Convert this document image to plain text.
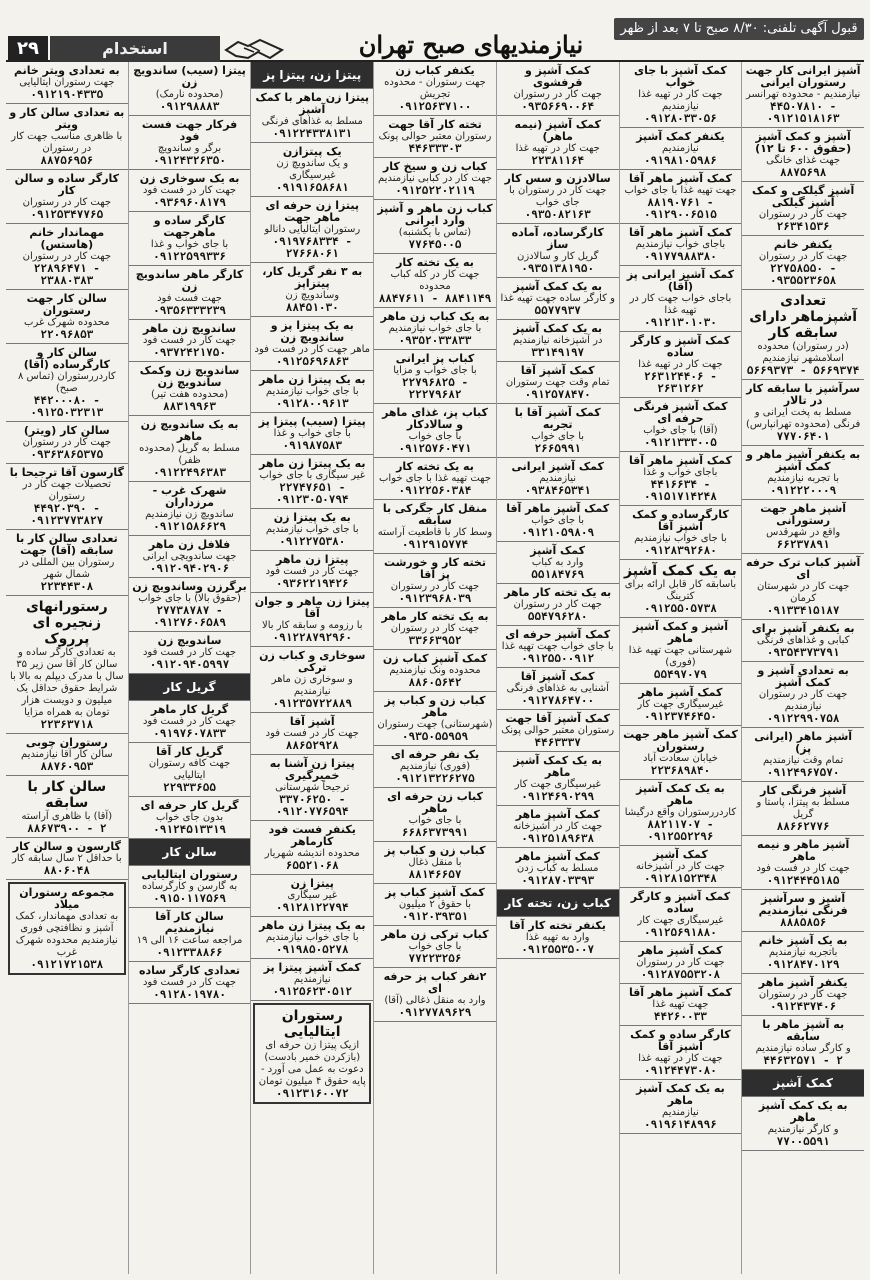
۲۹	استخدام	نیازمندیهای صبح تهران
قبول آگهی تلفنی: ۸/۳۰ صبح تا ۷ بعد از ظهر
آشپز ایرانی کار جهت رستوران ایرانی
نیازمندیم - محدوده تهرانسر
۴۴۵۰۷۸۱۰ - ۰۹۱۲۱۵۱۸۱۶۳
آشپز و کمک آشپز (حقوق ۶۰۰ تا ۱۲)
جهت غذای خانگی
۸۸۷۵۶۹۸
آشپز گیلکی و کمک آشپز گیلکی
جهت کار در رستوران
۲۶۳۴۱۵۳۶
یکنفر خانم
جهت کار در رستوران
۲۲۷۵۸۵۵۰ - ۰۹۳۵۵۲۳۶۵۸
تعدادی آشپزماهر دارای سابقه کار
(در رستوران) محدوده اسلامشهر نیازمندیم
۵۶۶۹۳۷۳ - ۵۶۶۹۳۷۴
سرآشپز با سابقه کار در تالار
مسلط به پخت ایرانی و فرنگی (محدوده تهرانپارس)
۷۷۷۰۶۴۰۱
به یکنفر آشپز ماهر و کمک آشپز
با تجربه نیازمندیم
۰۹۱۲۲۲۰۰۰۹
آشپز ماهر جهت رستورانی
واقع در شهرقدس
۶۶۲۳۷۸۹۱
آشپز کباب ترک حرفه ای
جهت کار در شهرستان کرمان
۰۹۱۳۳۴۱۵۱۸۷
به یکنفر آشپز برای
کبابی و غذاهای فرنگی
۰۹۳۵۴۳۷۳۷۹۱
به تعدادی آشپز و کمک آشپز
جهت کار در رستوران نیازمندیم
۰۹۱۲۲۹۹۰۷۵۸
آشپز ماهر (ایرانی پز)
تمام وقت نیازمندیم
۰۹۱۲۴۹۶۷۵۷۰
آشپز فرنگی کار
مسلط به پیتزا، پاستا و گریل
۸۸۶۶۲۷۷۶
آشپز ماهر و نیمه ماهر
جهت کار در فست فود
۰۹۱۲۴۴۴۵۱۸۵
آشپز و سرآشپز فرنگی نیازمندیم
۸۸۸۵۸۵۶
به یک آشپز خانم
باتجربه نیازمندیم
۰۹۱۲۸۴۷۰۱۲۹
یکنفر آشپز ماهر
جهت کار در رستوران
۰۹۱۲۴۳۷۴۰۶
به آشپز ماهر با سابقه
و کارگر ساده نیازمندیم
۴۴۶۳۲۵۷۱ - ۲
کمک آشپز
به یک کمک آشپز ماهر
و کارگر نیازمندیم
۷۷۰۰۵۵۹۱
کمک آشپز با جای خواب
جهت کار در تهیه غذا نیازمندیم
۰۹۱۲۸۰۳۳۰۵۶
یکنفر کمک آشپز
نیازمندیم
۰۹۱۹۸۱۰۵۹۸۶
کمک آشپز ماهر آقا
جهت تهیه غذا با جای خواب
۸۸۱۹۰۷۶۱ - ۰۹۱۲۹۰۰۶۵۱۵
کمک آشپز ماهر آقا
باجای خواب نیازمندیم
۰۹۱۷۷۹۸۸۳۸۰
کمک آشپز ایرانی پز (آقا)
باجای خواب جهت کار در تهیه غذا
۰۹۱۲۱۳۰۱۰۳۰
کمک آشپز و کارگر ساده
جهت کار در تهیه غذا
۲۶۳۱۲۴۴۰۶ - ۲۶۳۱۲۶۲
کمک آشپز فرنگی حرفه ای
(آقا) با جای خواب
۰۹۱۲۱۳۳۳۰۰۵
کمک آشپز ماهر آقا
باجای خواب و غذا
۴۴۱۶۶۳۴ - ۰۹۱۵۱۷۱۴۲۴۸
کارگرساده و کمک آشپز آقا
با جای خواب نیازمندیم
۰۹۱۲۸۳۹۲۶۸۰
به یک کمک آشپز
باسابقه کار قابل ارائه برای کترینگ
۰۹۱۲۵۵۰۵۷۳۸
آشپز و کمک آشپز ماهر
شهرستانی جهت تهیه غذا (فوری)
۵۵۴۹۷۰۷۹
کمک آشپز ماهر
غیرسیگاری جهت کار
۰۹۱۲۳۷۴۶۴۵۰
کمک آشپز ماهر جهت رستوران
خیابان سعادت آباد
۲۲۳۶۸۹۸۴۰
به یک کمک آشپز ماهر
کاردررستوران واقع درگیشا
۸۸۲۱۱۷۰۷ - ۰۹۱۲۵۵۲۲۹۶
کمک آشپز
جهت کار در آشپزخانه
۰۹۱۲۸۱۵۲۳۴۸
کمک آشپز و کارگر ساده
غیرسیگاری جهت کار
۰۹۱۲۵۶۹۱۸۸۰
کمک آشپز ماهر
جهت کار در رستوران
۰۹۱۲۸۷۵۵۳۲۰۸
کمک آشپز ماهر آقا
جهت تهیه غذا
۴۴۲۶۰۰۳۳
کارگر ساده و کمک آشپز آقا
جهت کار در تهیه غذا
۰۹۱۲۴۴۷۳۰۸۰
به یک کمک آشپز ماهر
نیازمندیم
۰۹۱۹۶۱۴۸۹۹۶
کمک آشپز و قرفشوی
جهت کار در رستوران
۰۹۳۵۶۶۹۰۰۶۴
کمک آشپز (نیمه ماهر)
جهت کار در تهیه غذا
۲۲۳۸۱۱۶۴
سالادزن و سس کار
جهت کار در رستوران با جای خواب
۰۹۳۵۰۸۲۱۶۳
کارگرساده، آماده ساز
گریل کار و سالادزن
۰۹۳۵۱۳۸۱۹۵۰
به یک کمک آشپز
و کارگر ساده جهت تهیه غذا
۵۵۷۷۹۳۷
به یک کمک آشپز
در آشپزخانه نیازمندیم
۳۳۱۴۹۱۹۷
کمک آشپز آقا
تمام وقت جهت رستوران
۰۹۱۲۵۷۸۴۷۰
کمک آشپز آقا با تجربه
با جای خواب
۲۶۶۵۹۹۱
کمک آشپز ایرانی
نیازمندیم
۰۹۳۸۴۶۵۳۴۱
کمک آشپز ماهر آقا
با جای خواب
۰۹۱۲۱۰۵۹۸۰۹
کمک آشپز
وارد به کباب
۵۵۱۸۴۷۶۹
به یک تخته کار ماهر
جهت کار در رستوران
۵۵۴۷۹۶۲۸۰
کمک آشپز حرفه ای
با جای خواب جهت تهیه غذا
۰۹۱۲۵۵۰۰۹۱۲
کمک آشپز آقا
آشنایی به غذاهای فرنگی
۰۹۱۲۷۸۶۴۷۰۰
کمک آشپز آقا جهت
رستوران معتبر حوالی پونک
۴۴۶۳۳۳۷
به یک کمک آشپز ماهر
غیرسیگاری جهت کار
۰۹۱۲۴۶۹۰۲۹۹
کمک آشپز ماهر
جهت کار در آشپزخانه
۰۹۱۲۵۱۸۹۶۳۸
کمک آشپز ماهر
مسلط به کباب زدن
۰۹۱۲۸۷۰۳۳۹۳
کباب زن، تخته کار
یکنفر تخته کار آقا
وارد به تهیه غذا
۰۹۱۲۵۵۳۵۰۰۷
یکنفر کباب زن
جهت رستوران - محدوده تجریش
۰۹۱۲۵۶۳۷۱۰۰
تخته کار آقا جهت
رستوران معتبر حوالی پونک
۴۴۶۳۳۳۰۳
کباب زن و سیخ کار
جهت کار در کبابی نیازمندیم
۰۹۱۲۵۲۲۰۲۱۱۹
کباب زن ماهر و آشپز وارد ایرانی
(تماس با یکشنبه)
۷۷۶۴۵۰۰۵
به یک تخته کار
جهت کار در کله کباب محدوده
۸۸۴۷۶۱۱ - ۸۸۴۱۱۴۹
به یک کباب زن ماهر
با جای خواب نیازمندیم
۰۹۳۵۲۰۳۳۸۳۳
کباب پز ایرانی
با جای خواب و مزایا
۲۲۷۹۶۸۲۵ - ۲۲۲۷۹۶۸۲
کباب پز، غذای ماهر و سالادکار
با جای خواب
۰۹۱۲۵۷۶۰۴۷۱
به یک تخته کار
جهت تهیه غذا با جای خواب
۰۹۱۲۲۵۶۰۳۸۴
منقل کار جگرکی با سابقه
وسط کار با قاطعیت آراسته
۰۹۱۲۹۱۵۷۷۴
تخته کار و خورشت پز آقا
جهت کار در رستوران
۰۹۱۲۳۹۶۸۰۳۹
به یک تخته کار ماهر
جهت کار در رستوران
۳۳۶۶۳۹۵۲
کمک آشپز کباب زن
محدوده ونک نیازمندیم
۸۸۶۰۵۶۴۲
کباب زن و کباب پز ماهر
(شهرستانی) جهت رستوران
۰۹۳۵۰۵۵۹۵۹
یک نفر حرفه ای
(فوری) نیازمندیم
۰۹۱۲۱۳۲۲۶۲۷۵
کباب زن حرفه ای ماهر
با جای خواب
۶۶۸۶۳۷۳۹۹۱
کباب زن و کباب پز
با منقل ذغال
۸۸۱۴۶۶۵۷
کمک آشپز کباب پز
با حقوق ۲ میلیون
۰۹۱۲۰۳۹۳۵۱
کباب ترکی زن ماهر
با جای خواب
۷۷۲۲۳۲۵۶
۲نفر کباب پز حرفه ای
وارد به منقل ذغالی (آقا)
۰۹۱۲۷۷۸۹۶۲۹
پیتزا زن، پیتزا پز
پیتزا زن ماهر با کمک آشپز
مسلط به غذاهای فرنگی
۰۹۱۲۲۴۳۳۸۱۳۱
یک پیتزازن
و یک ساندویچ زن غیرسیگاری
۰۹۱۹۱۶۵۸۶۸۱
پیتزا زن حرفه ای ماهر جهت
رستوران ایتالیایی دانالو
۰۹۱۹۷۶۸۳۳۴ - ۲۷۶۶۸۰۶۱
به ۳ نفر گریل کار، پیتزاپز
وساندویچ زن
۸۸۴۵۱۰۳۰
به یک پیتزا پز و ساندویچ زن
ماهر جهت کار در فست فود
۰۹۱۲۵۶۹۶۸۶۳
به یک پیتزا زن ماهر
با جای خواب نیازمندیم
۰۹۱۲۸۰۰۹۶۱۳
پیتزا (سیب) پیتزا پز
با جای خواب و غذا
۰۹۱۹۸۷۵۸۳
به یک پیتزا زن ماهر
غیر سیگاری با جای خواب
۲۲۷۴۷۶۵۱ - ۰۹۱۲۳۰۵۰۷۹۴
به یک پیتزا زن
با جای خواب نیازمندیم
۰۹۱۲۲۷۵۳۸۰
پیتزا زن ماهر
جهت کار در فست فود
۰۹۳۶۲۲۱۹۴۲۶
پیتزا زن ماهر و جوان آقا
با رزومه و سابقه کار بالا
۰۹۱۲۲۸۷۹۲۹۶۰
سوخاری و کباب زن ترکی
و سوخاری زن ماهر نیازمندیم
۰۹۱۲۳۵۷۲۲۸۸۹
آشپز آقا
جهت کار در فست فود
۸۸۶۵۲۹۲۸
پیتزا زن آشنا به خمیرگیری
ترجیحاً شهرستانی
۳۳۷۰۶۲۵۰ - ۰۹۱۲۰۷۷۶۵۹۴
یکنفر فست فود کارماهر
محدوده اندیشه شهریار
۶۵۵۲۱۰۶۸
پیتزا زن
غیر سیگاری
۰۹۱۲۸۱۲۲۷۹۴
به یک پیتزا زن ماهر
با جای خواب نیازمندیم
۰۹۱۹۸۵۰۵۲۷۸
کمک آشپز پیتزا پز
نیازمندیم
۰۹۱۲۵۶۲۳۰۵۱۲
رستوران ایتالیایی
ازیک پیتزا زن حرفه ای (بازکردن خمیر بادست) دعوت به عمل می آورد - پایه حقوق ۴ میلیون تومان
۰۹۱۲۳۱۶۰۰۷۲
پیتزا (سیب) ساندویچ زن
(محدوده نارمک)
۰۹۱۲۹۸۸۸۳
فرکار جهت فست فود
برگر و ساندویچ
۰۹۱۲۴۳۲۶۳۵۰
به یک سوخاری زن
جهت کار در فست فود
۰۹۳۶۹۶۰۸۱۷۹
کارگر ساده و ماهرجهت
با جای خواب و غذا
۰۹۱۲۲۵۹۹۳۳۶
کارگر ماهر ساندویچ زن
جهت فست فود
۰۹۳۵۶۳۳۳۲۳۹
ساندویچ زن ماهر
جهت کار در فست فود
۰۹۳۷۲۴۲۱۷۵۰
ساندویچ زن وکمک ساندویچ زن
(محدوده هفت تیر)
۸۸۳۱۹۹۶۳
به یک ساندویچ زن ماهر
مسلط به گریل (محدوده ظفر)
۰۹۱۲۲۴۹۶۳۸۳
شهرک غرب - مرزداران
ساندویچ زن نیازمندیم
۰۹۱۲۱۵۸۶۶۲۹
فلافل زن ماهر
جهت ساندویچی ایرانی
۰۹۱۲۰۹۴۰۲۹۰۶
برگرزن وساندویچ زن
(حقوق بالا) با جای خواب
۲۷۷۳۸۷۸۷ - ۰۹۱۲۷۶۰۶۵۸۹
ساندویچ زن
جهت کار در فست فود
۰۹۱۲۰۹۴۰۵۹۹۷
گریل کار
گریل کار ماهر
جهت کار در فست فود
۰۹۱۹۷۶۰۷۸۳۳
گریل کار آقا
جهت کافه رستوران ایتالیایی
۲۲۹۳۳۶۵۵
گریل کار حرفه ای
بدون جای خواب
۰۹۱۲۴۵۱۳۳۱۹
سالن کار
رستوران ایتالیایی
به گارسن و کارگرساده
۰۹۱۵۰۱۱۷۵۶۹
سالن کار آقا نیازمندیم
مراجعه ساعت ۱۶ الی ۱۹
۰۹۱۲۳۳۸۸۶۶
تعدادی کارگر ساده
جهت کار در فست فود
۰۹۱۲۸۰۱۹۷۸۰
به تعدادی ویتر خانم
جهت رستوران ایتالیایی
۰۹۱۲۱۹۰۴۳۳۵
به تعدادی سالن کار و ویتر
با ظاهری مناسب جهت کار در رستوران
۸۸۷۵۶۹۵۶
کارگر ساده و سالن کار
جهت کار در رستوران
۰۹۱۲۵۳۴۷۷۶۵
مهماندار خانم (هاستس)
جهت کار در رستوران
۲۲۸۹۶۴۷۱ - ۲۳۸۸۰۳۸۳
سالن کار جهت رستوران
محدوده شهرک غرب
۲۲۰۹۶۸۵۳
سالن کار و کارگرساده (آقا)
کاردررستوران (تماس ۸ صبح)
۴۴۲۰۰۰۸۰ - ۰۹۱۲۵۰۳۲۳۱۳
سالن کار (ویتر)
جهت کار در رستوران
۰۹۳۶۳۸۶۵۳۷۵
گارسون آقا ترجیحا با
تحصیلات جهت کار در رستوران
۴۴۹۲۰۳۹۰ - ۰۹۱۲۳۷۷۳۸۲۷
تعدادی سالن کار با سابقه (آقا) جهت
رستوران بین المللی در شمال شهر
۲۲۳۴۴۳۰۸
رستورانهای زنجیره ای پرروک
به تعدادی کارگر ساده و سالن کار آقا سن زیر ۳۵ سال با مدرک دیپلم به بالا با شرایط حقوق حداقل یک میلیون و دویست هزار تومان به همراه مزایا
۲۲۳۶۳۷۱۸
رستوران چوبی
سالن کار آقا نیازمندیم
۸۸۷۶۰۹۵۳
سالن کار با سابقه
(آقا) با ظاهری آراسته
۸۸۶۷۳۹۰۰ - ۲
گارسون و سالن کار
با حداقل ۲ سال سابقه کار
۸۸۰۶۰۴۸
مجموعه رستوران میلاد
به تعدادی مهماندار، کمک آشپز و نظافتچی فوری نیازمندیم محدوده شهرک غرب
۰۹۱۲۱۷۲۱۵۳۸
